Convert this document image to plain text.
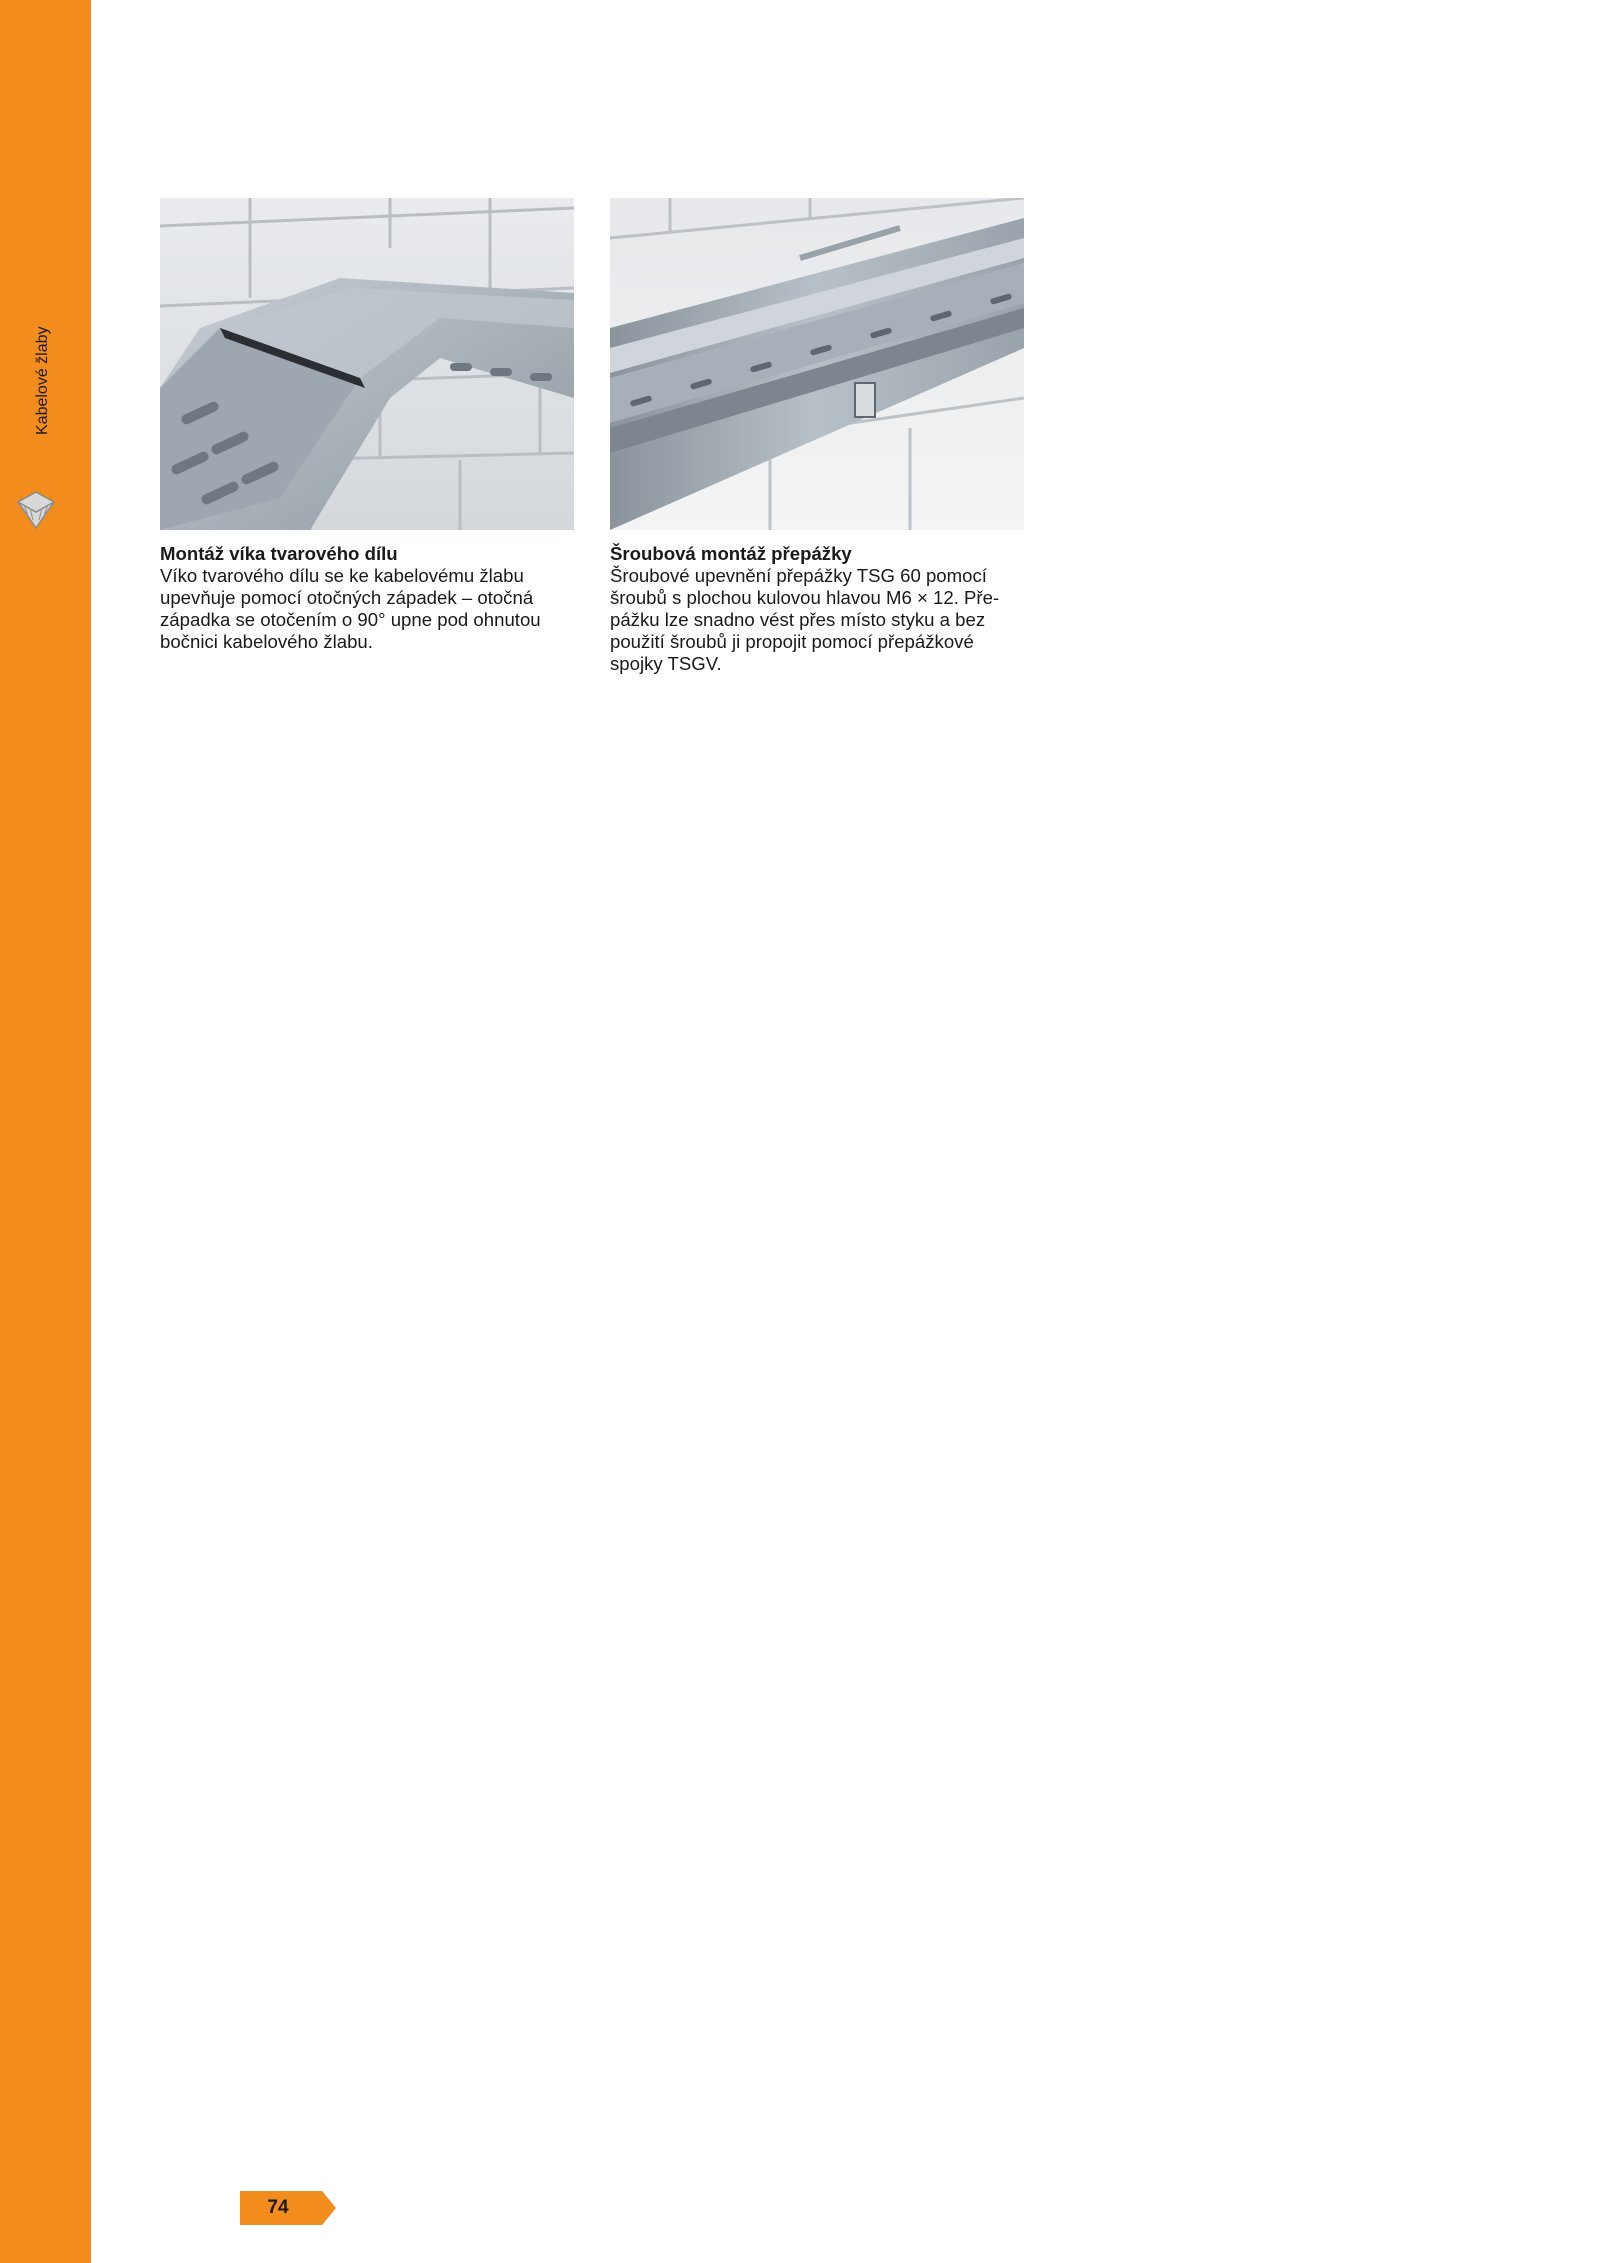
Kabelové žlaby
Montáž víka tvarového dílu

Víko tvarového dílu se ke kabelovému žlabu
upevňuje pomocí otočných západek – otočná
západka se otočením o 90° upne pod ohnutou
bočnici kabelového žlabu.

Šroubová montáž přepážky

Šroubové upevnění přepážky TSG 60 pomocí
šroubů s plochou kulovou hlavou M6 × 12. Pře-
pážku lze snadno vést přes místo styku a bez
použití šroubů ji propojit pomocí přepážkové
spojky TSGV.

74
